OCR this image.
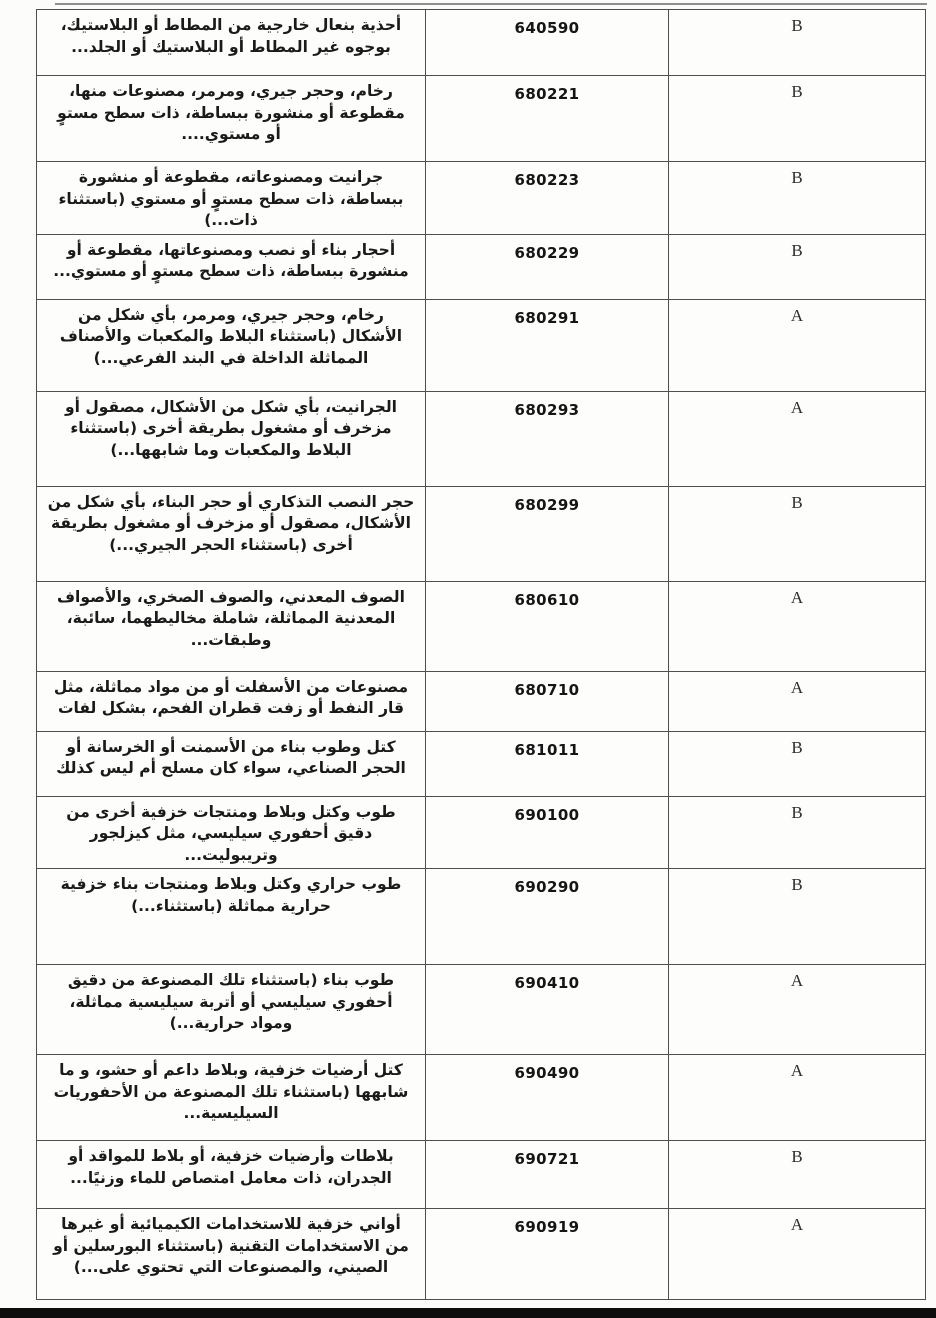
أحذية بنعال خارجية من المطاط أو البلاستيك، بوجوه غير المطاط أو البلاستيك أو الجلد...	640590	B
رخام، وحجر جيري، ومرمر، مصنوعات منها، مقطوعة أو منشورة ببساطة، ذات سطح مستوٍ أو مستوي....	680221	B
جرانيت ومصنوعاته، مقطوعة أو منشورة ببساطة، ذات سطح مستوٍ أو مستوي (باستثناء ذات...)	680223	B
أحجار بناء أو نصب ومصنوعاتها، مقطوعة أو منشورة ببساطة، ذات سطح مستوٍ أو مستوي...	680229	B
رخام، وحجر جيري، ومرمر، بأي شكل من الأشكال (باستثناء البلاط والمكعبات والأصناف المماثلة الداخلة في البند الفرعي...)	680291	A
الجرانيت، بأي شكل من الأشكال، مصقول أو مزخرف أو مشغول بطريقة أخرى (باستثناء البلاط والمكعبات وما شابهها...)	680293	A
حجر النصب التذكاري أو حجر البناء، بأي شكل من الأشكال، مصقول أو مزخرف أو مشغول بطريقة أخرى (باستثناء الحجر الجيري...)	680299	B
الصوف المعدني، والصوف الصخري، والأصواف المعدنية المماثلة، شاملة مخاليطهما، سائبة، وطبقات...	680610	A
مصنوعات من الأسفلت أو من مواد مماثلة، مثل قار النفط أو زفت قطران الفحم، بشكل لفات	680710	A
كتل وطوب بناء من الأسمنت أو الخرسانة أو الحجر الصناعي، سواء كان مسلح أم ليس كذلك	681011	B
طوب وكتل وبلاط ومنتجات خزفية أخرى من دقيق أحفوري سيليسي، مثل كيزلجور وتريبوليت...	690100	B
طوب حراري وكتل وبلاط ومنتجات بناء خزفية حرارية مماثلة (باستثناء...)	690290	B
طوب بناء (باستثناء تلك المصنوعة من دقيق أحفوري سيليسي أو أتربة سيليسية مماثلة، ومواد حرارية...)	690410	A
كتل أرضيات خزفية، وبلاط داعم أو حشو، و ما شابهها (باستثناء تلك المصنوعة من الأحفوريات السيليسية...	690490	A
بلاطات وأرضيات خزفية، أو بلاط للمواقد أو الجدران، ذات معامل امتصاص للماء وزنيًا...	690721	B
أواني خزفية للاستخدامات الكيميائية أو غيرها من الاستخدامات التقنية (باستثناء البورسلين أو الصيني، والمصنوعات التي تحتوي على...)	690919	A
